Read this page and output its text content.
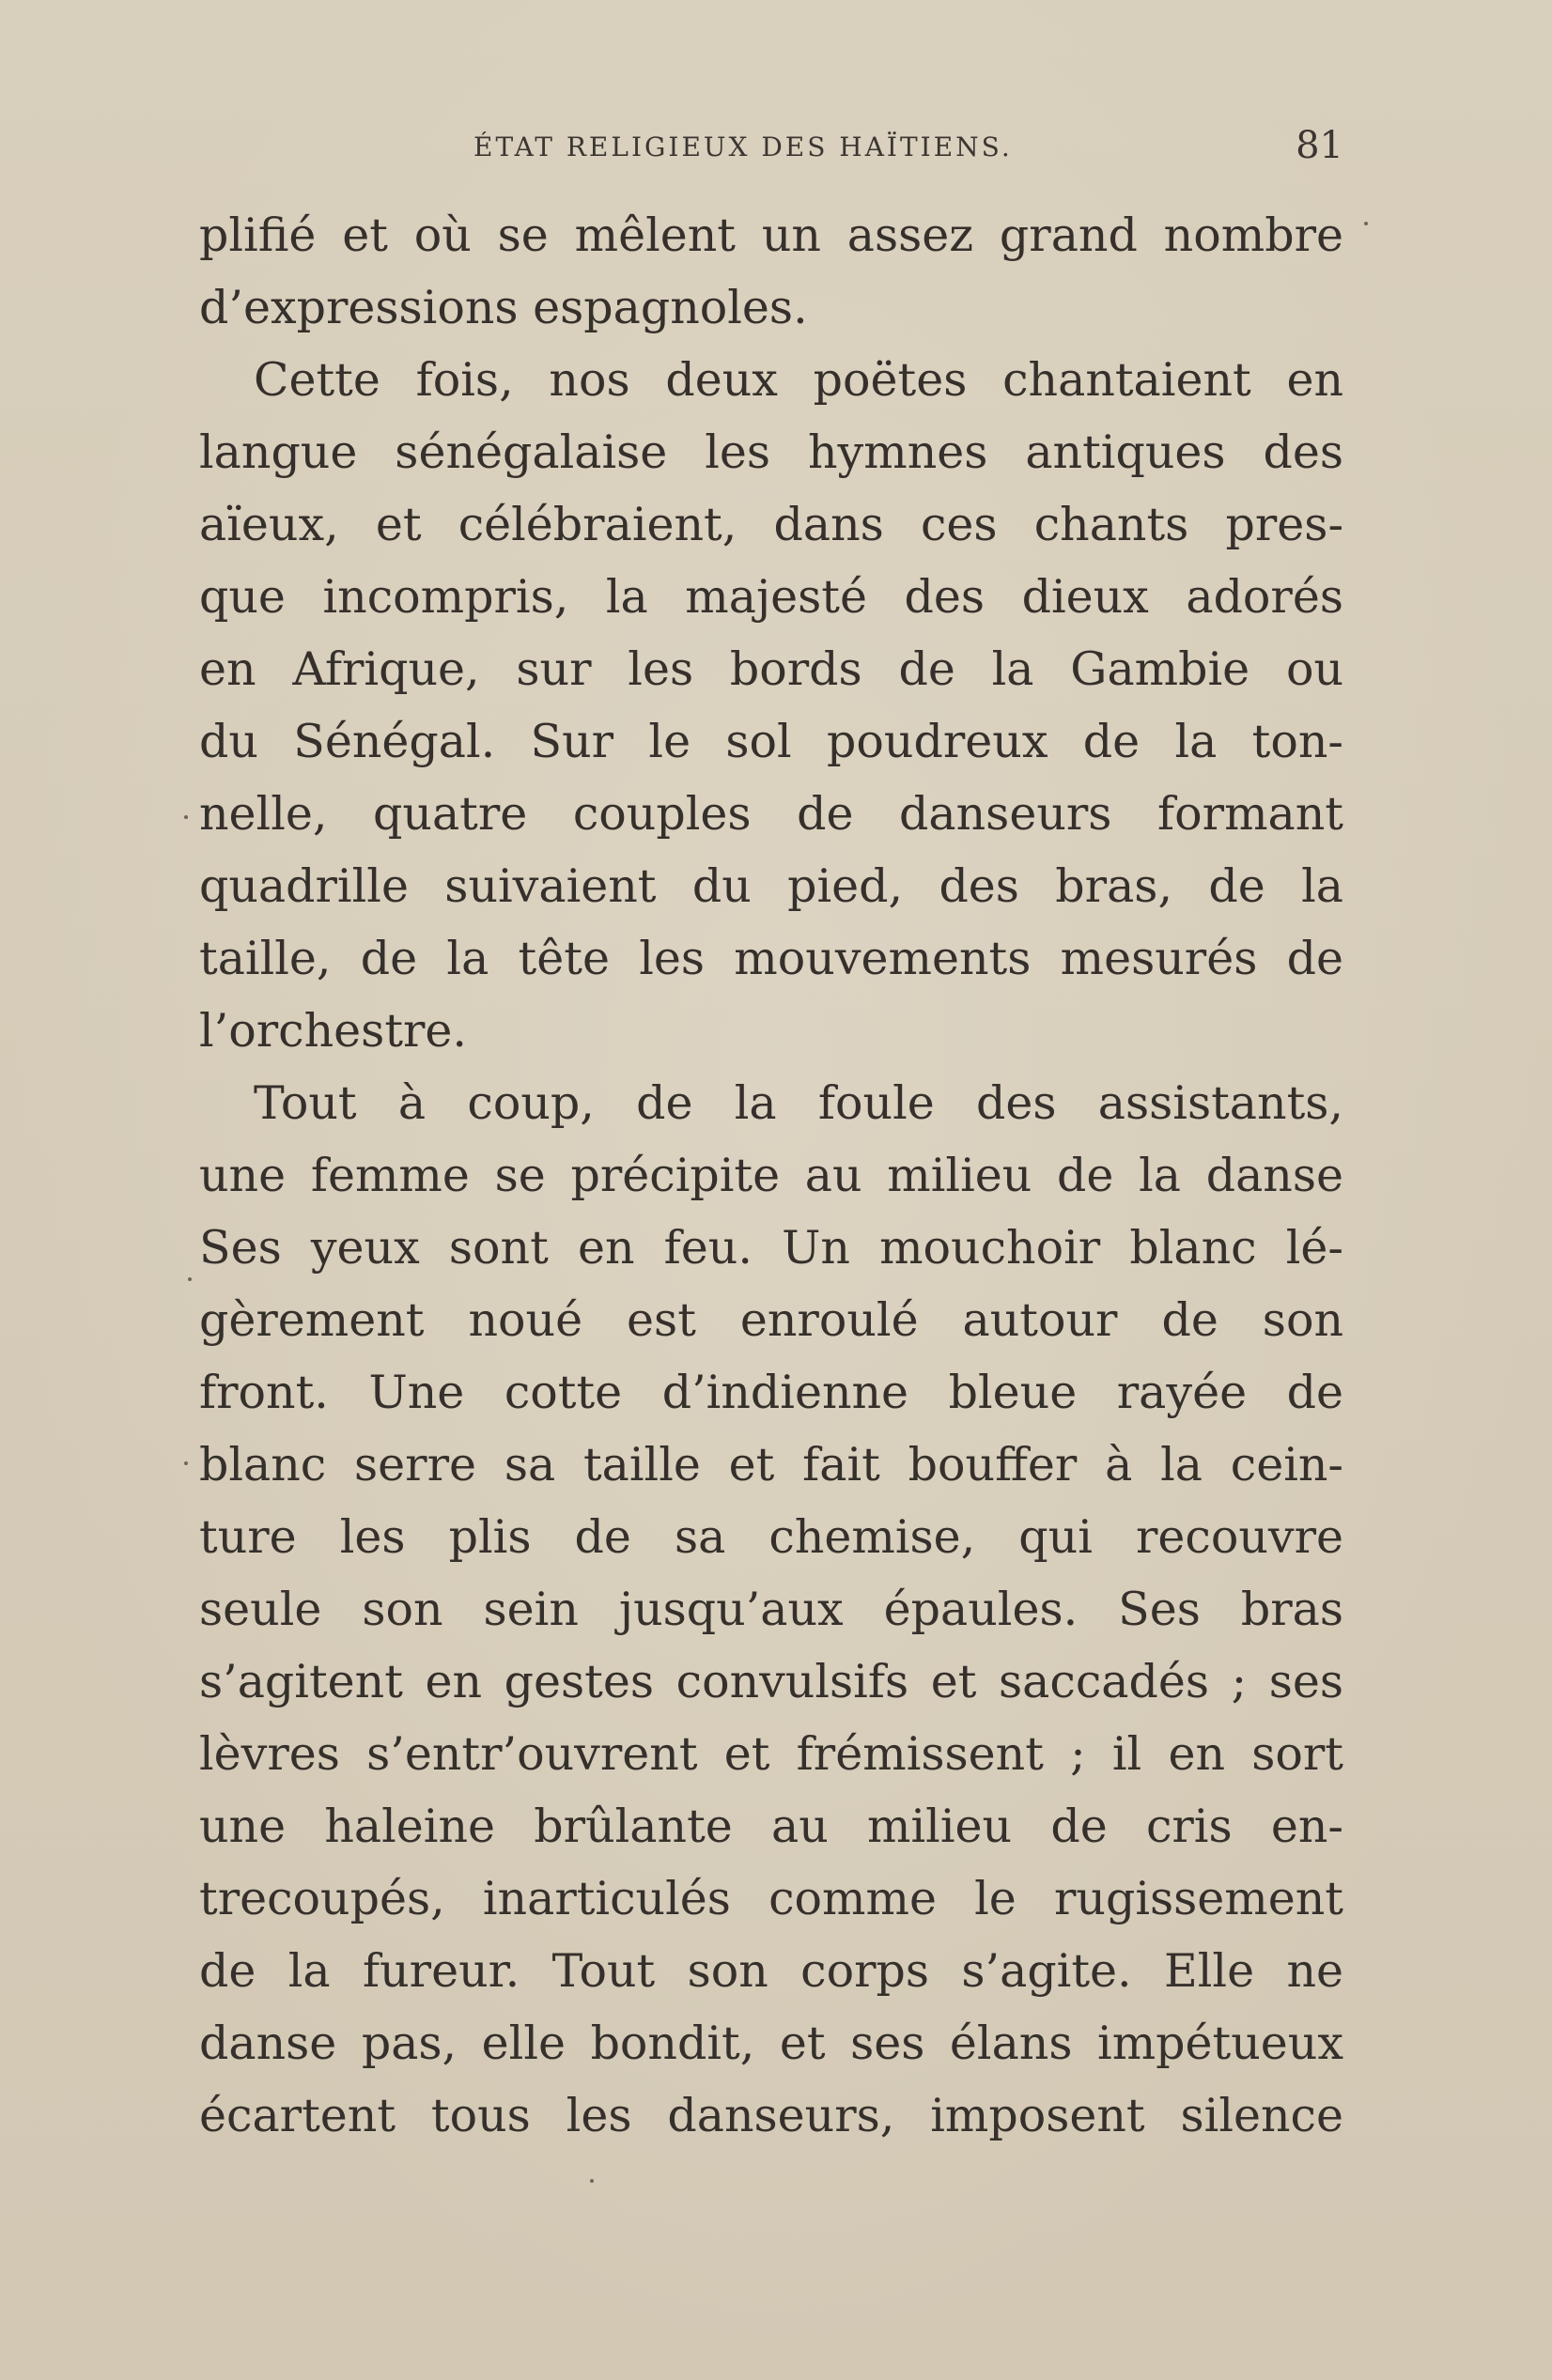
ÉTAT RELIGIEUX DES HAÏTIENS.	81
plifié et où se mêlent un assez grand nombre
d’expressions espagnoles.
Cette fois, nos deux poëtes chantaient en
langue sénégalaise les hymnes antiques des
aïeux, et célébraient, dans ces chants pres-
que incompris, la majesté des dieux adorés
en Afrique, sur les bords de la Gambie ou
du Sénégal. Sur le sol poudreux de la ton-
nelle, quatre couples de danseurs formant
quadrille suivaient du pied, des bras, de la
taille, de la tête les mouvements mesurés de
l’orchestre.
Tout à coup, de la foule des assistants,
une femme se précipite au milieu de la danse
Ses yeux sont en feu. Un mouchoir blanc lé-
gèrement noué est enroulé autour de son
front. Une cotte d’indienne bleue rayée de
blanc serre sa taille et fait bouffer à la cein-
ture les plis de sa chemise, qui recouvre
seule son sein jusqu’aux épaules. Ses bras
s’agitent en gestes convulsifs et saccadés ; ses
lèvres s’entr’ouvrent et frémissent ; il en sort
une haleine brûlante au milieu de cris en-
trecoupés, inarticulés comme le rugissement
de la fureur. Tout son corps s’agite. Elle ne
danse pas, elle bondit, et ses élans impétueux
écartent tous les danseurs, imposent silence
